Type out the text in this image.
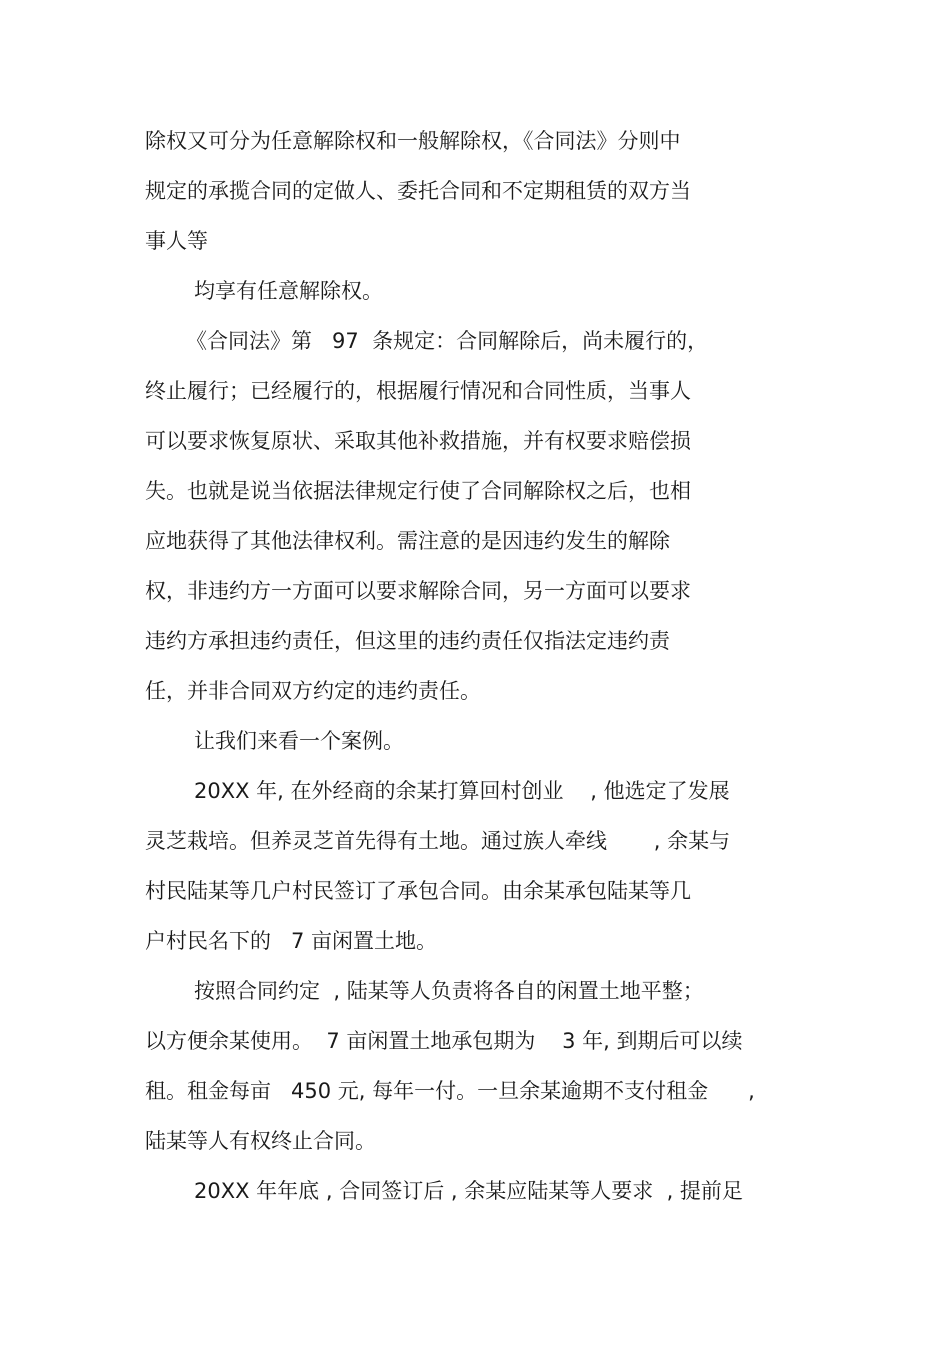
除权又可分为任意解除权和一般解除权，《合同法》分则中
规定的承揽合同的定做人、委托合同和不定期租赁的双方当
事人等
均享有任意解除权。
《合同法》第   97  条规定：合同解除后，尚未履行的，
终止履行；已经履行的，根据履行情况和合同性质，当事人
可以要求恢复原状、采取其他补救措施，并有权要求赔偿损
失。也就是说当依据法律规定行使了合同解除权之后，也相
应地获得了其他法律权利。需注意的是因违约发生的解除
权，非违约方一方面可以要求解除合同，另一方面可以要求
违约方承担违约责任，但这里的违约责任仅指法定违约责
任，并非合同双方约定的违约责任。
让我们来看一个案例。
20XX 年, 在外经商的余某打算回村创业    , 他选定了发展
灵芝栽培。但养灵芝首先得有土地。通过族人牵线       , 余某与
村民陆某等几户村民签订了承包合同。由余某承包陆某等几
户村民名下的   7 亩闲置土地。
按照合同约定  , 陆某等人负责将各自的闲置土地平整；
以方便余某使用。  7 亩闲置土地承包期为    3 年, 到期后可以续
租。租金每亩   450 元, 每年一付。一旦余某逾期不支付租金      ,
陆某等人有权终止合同。
20XX 年年底 , 合同签订后 , 余某应陆某等人要求  , 提前足
